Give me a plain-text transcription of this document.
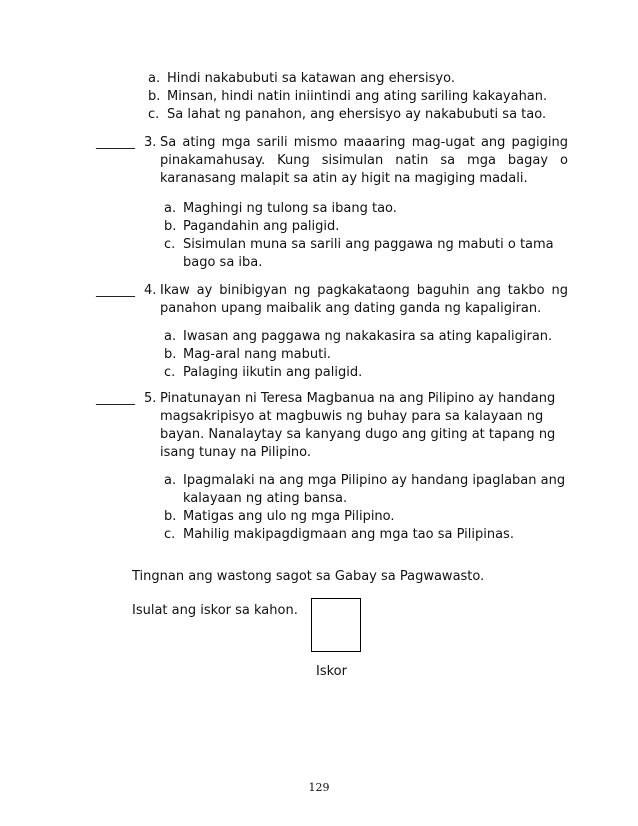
a. Hindi nakabubuti sa katawan ang ehersisyo.
b. Minsan, hindi natin iniintindi ang ating sariling kakayahan.
c. Sa lahat ng panahon, ang ehersisyo ay nakabubuti sa tao.
______ 3. Sa ating mga sarili mismo maaaring mag-ugat ang pagiging
pinakamahusay. Kung sisimulan natin sa mga bagay o karanasang malapit sa atin ay higit na magiging madali.
a. Maghingi ng tulong sa ibang tao.
b. Pagandahin ang paligid.
c. Sisimulan muna sa sarili ang paggawa ng mabuti o tama bago sa iba.
______ 4. Ikaw ay binibigyan ng pagkakataong baguhin ang takbo ng
panahon upang maibalik ang dating ganda ng kapaligiran.
a. Iwasan ang paggawa ng nakakasira sa ating kapaligiran.
b. Mag-aral nang mabuti.
c. Palaging iikutin ang paligid.
______ 5. Pinatunayan ni Teresa Magbanua na ang Pilipino ay handang
magsakripisyo at magbuwis ng buhay para sa kalayaan ng
bayan. Nanalaytay sa kanyang dugo ang giting at tapang ng
isang tunay na Pilipino.
a. Ipagmalaki na ang mga Pilipino ay handang ipaglaban ang kalayaan ng ating bansa.
b. Matigas ang ulo ng mga Pilipino.
c. Mahilig makipagdigmaan ang mga tao sa Pilipinas.
Tingnan ang wastong sagot sa Gabay sa Pagwawasto.
Isulat ang iskor sa kahon.
Iskor
129
